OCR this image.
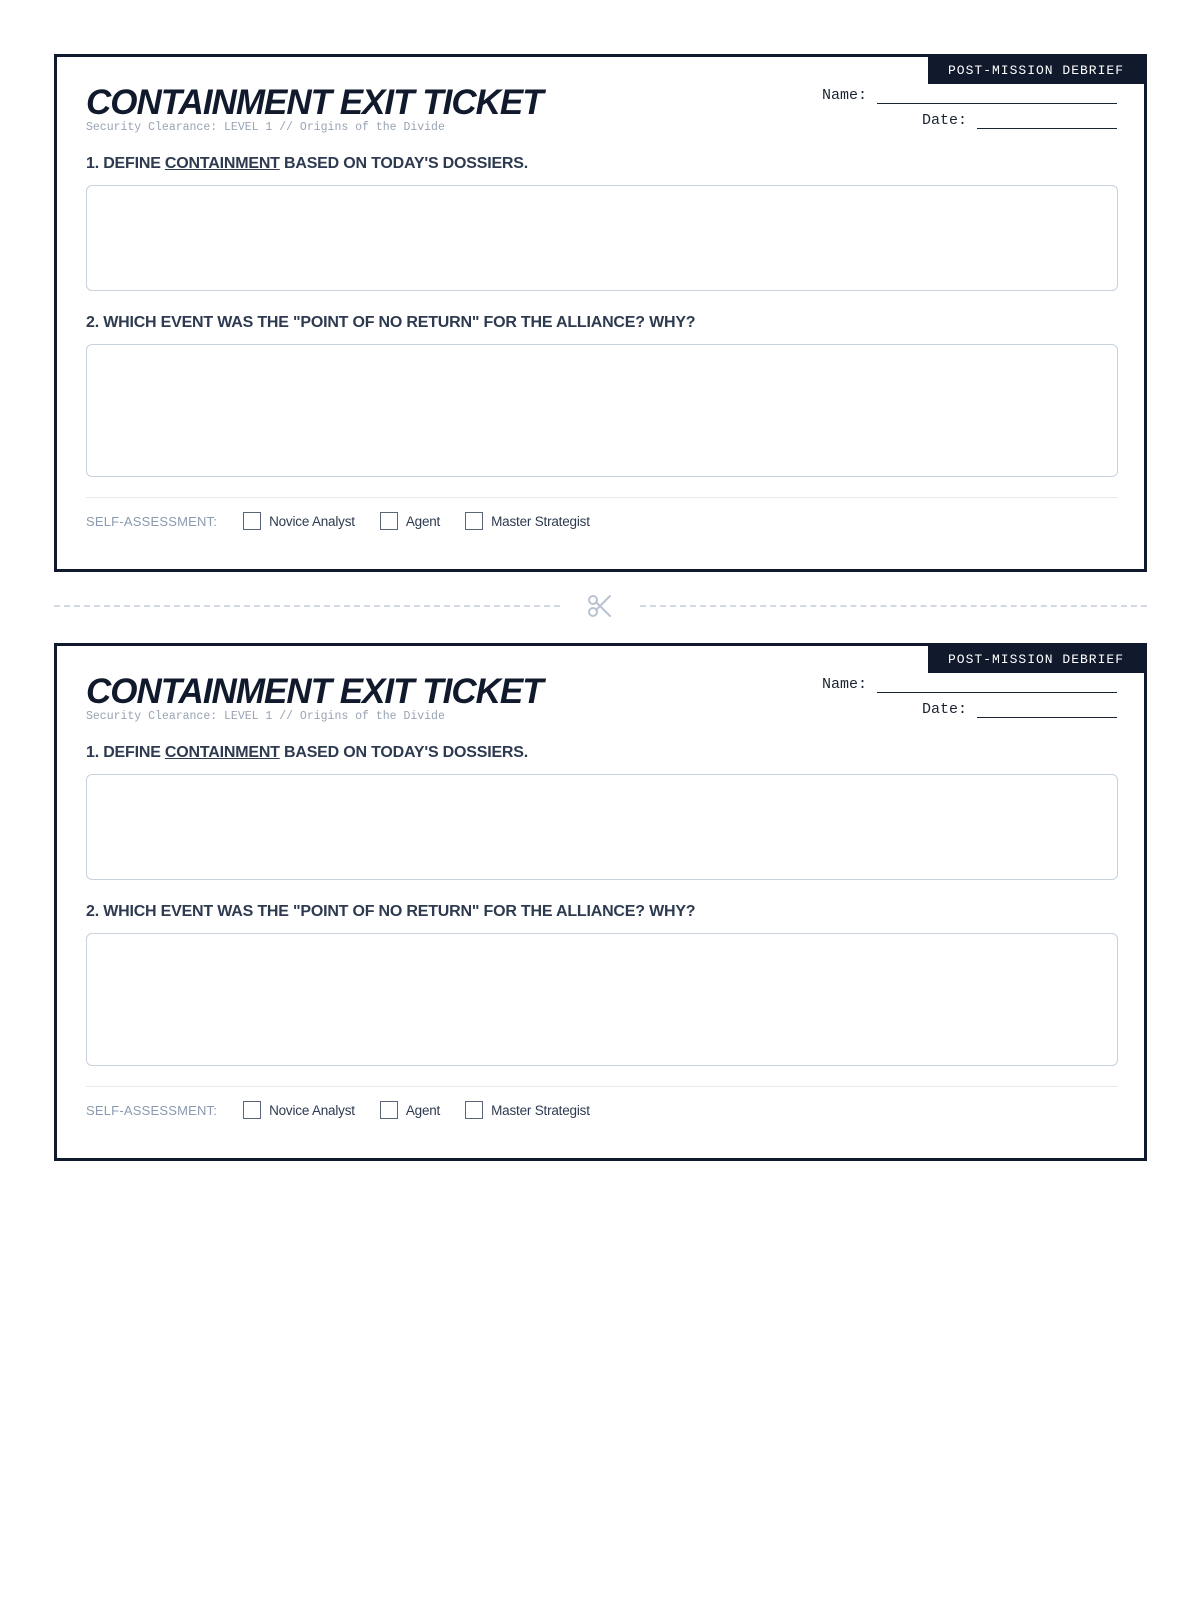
POST-MISSION DEBRIEF
CONTAINMENT EXIT TICKET
Security Clearance: LEVEL 1 // Origins of the Divide
Name:
Date:
1. DEFINE CONTAINMENT BASED ON TODAY'S DOSSIERS.
2. WHICH EVENT WAS THE "POINT OF NO RETURN" FOR THE ALLIANCE? WHY?
SELF-ASSESSMENT:	Novice Analyst	Agent	Master Strategist
POST-MISSION DEBRIEF
CONTAINMENT EXIT TICKET
Security Clearance: LEVEL 1 // Origins of the Divide
Name:
Date:
1. DEFINE CONTAINMENT BASED ON TODAY'S DOSSIERS.
2. WHICH EVENT WAS THE "POINT OF NO RETURN" FOR THE ALLIANCE? WHY?
SELF-ASSESSMENT:	Novice Analyst	Agent	Master Strategist
